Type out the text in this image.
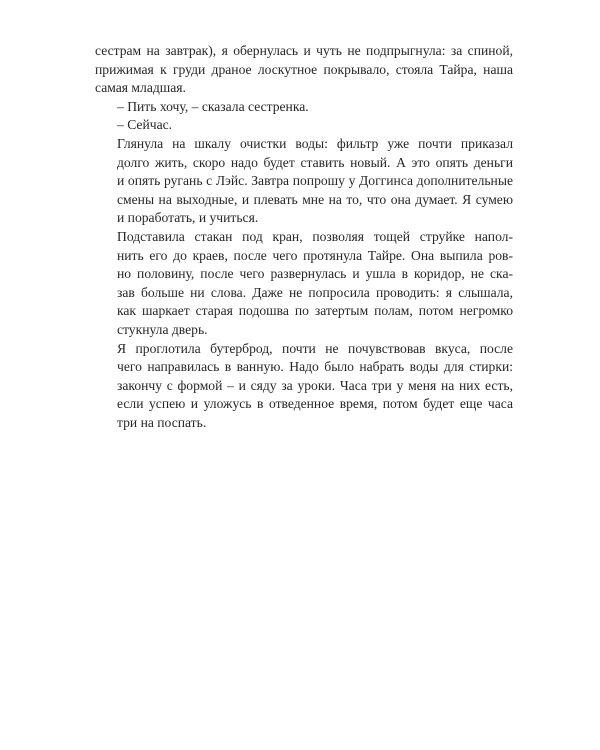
сестрам на завтрак), я обернулась и чуть не подпрыгнула: за спиной,
прижимая к груди драное лоскутное покрывало, стояла Тайра, наша
самая младшая.

– Пить хочу, – сказала сестренка.

– Сейчас.

Глянула на шкалу очистки воды: фильтр уже почти приказал
долго жить, скоро надо будет ставить новый. А это опять деньги
и опять ругань с Лэйс. Завтра попрошу у Доггинса дополнительные
смены на выходные, и плевать мне на то, что она думает. Я сумею
и поработать, и учиться.

Подставила стакан под кран, позволяя тощей струйке напол-
нить его до краев, после чего протянула Тайре. Она выпила ров-
но половину, после чего развернулась и ушла в коридор, не ска-
зав больше ни слова. Даже не попросила проводить: я слышала,
как шаркает старая подошва по затертым полам, потом негромко
стукнула дверь.

Я проглотила бутерброд, почти не почувствовав вкуса, после
чего направилась в ванную. Надо было набрать воды для стирки:
закончу с формой – и сяду за уроки. Часа три у меня на них есть,
если успею и уложусь в отведенное время, потом будет еще часа
три на поспать.
